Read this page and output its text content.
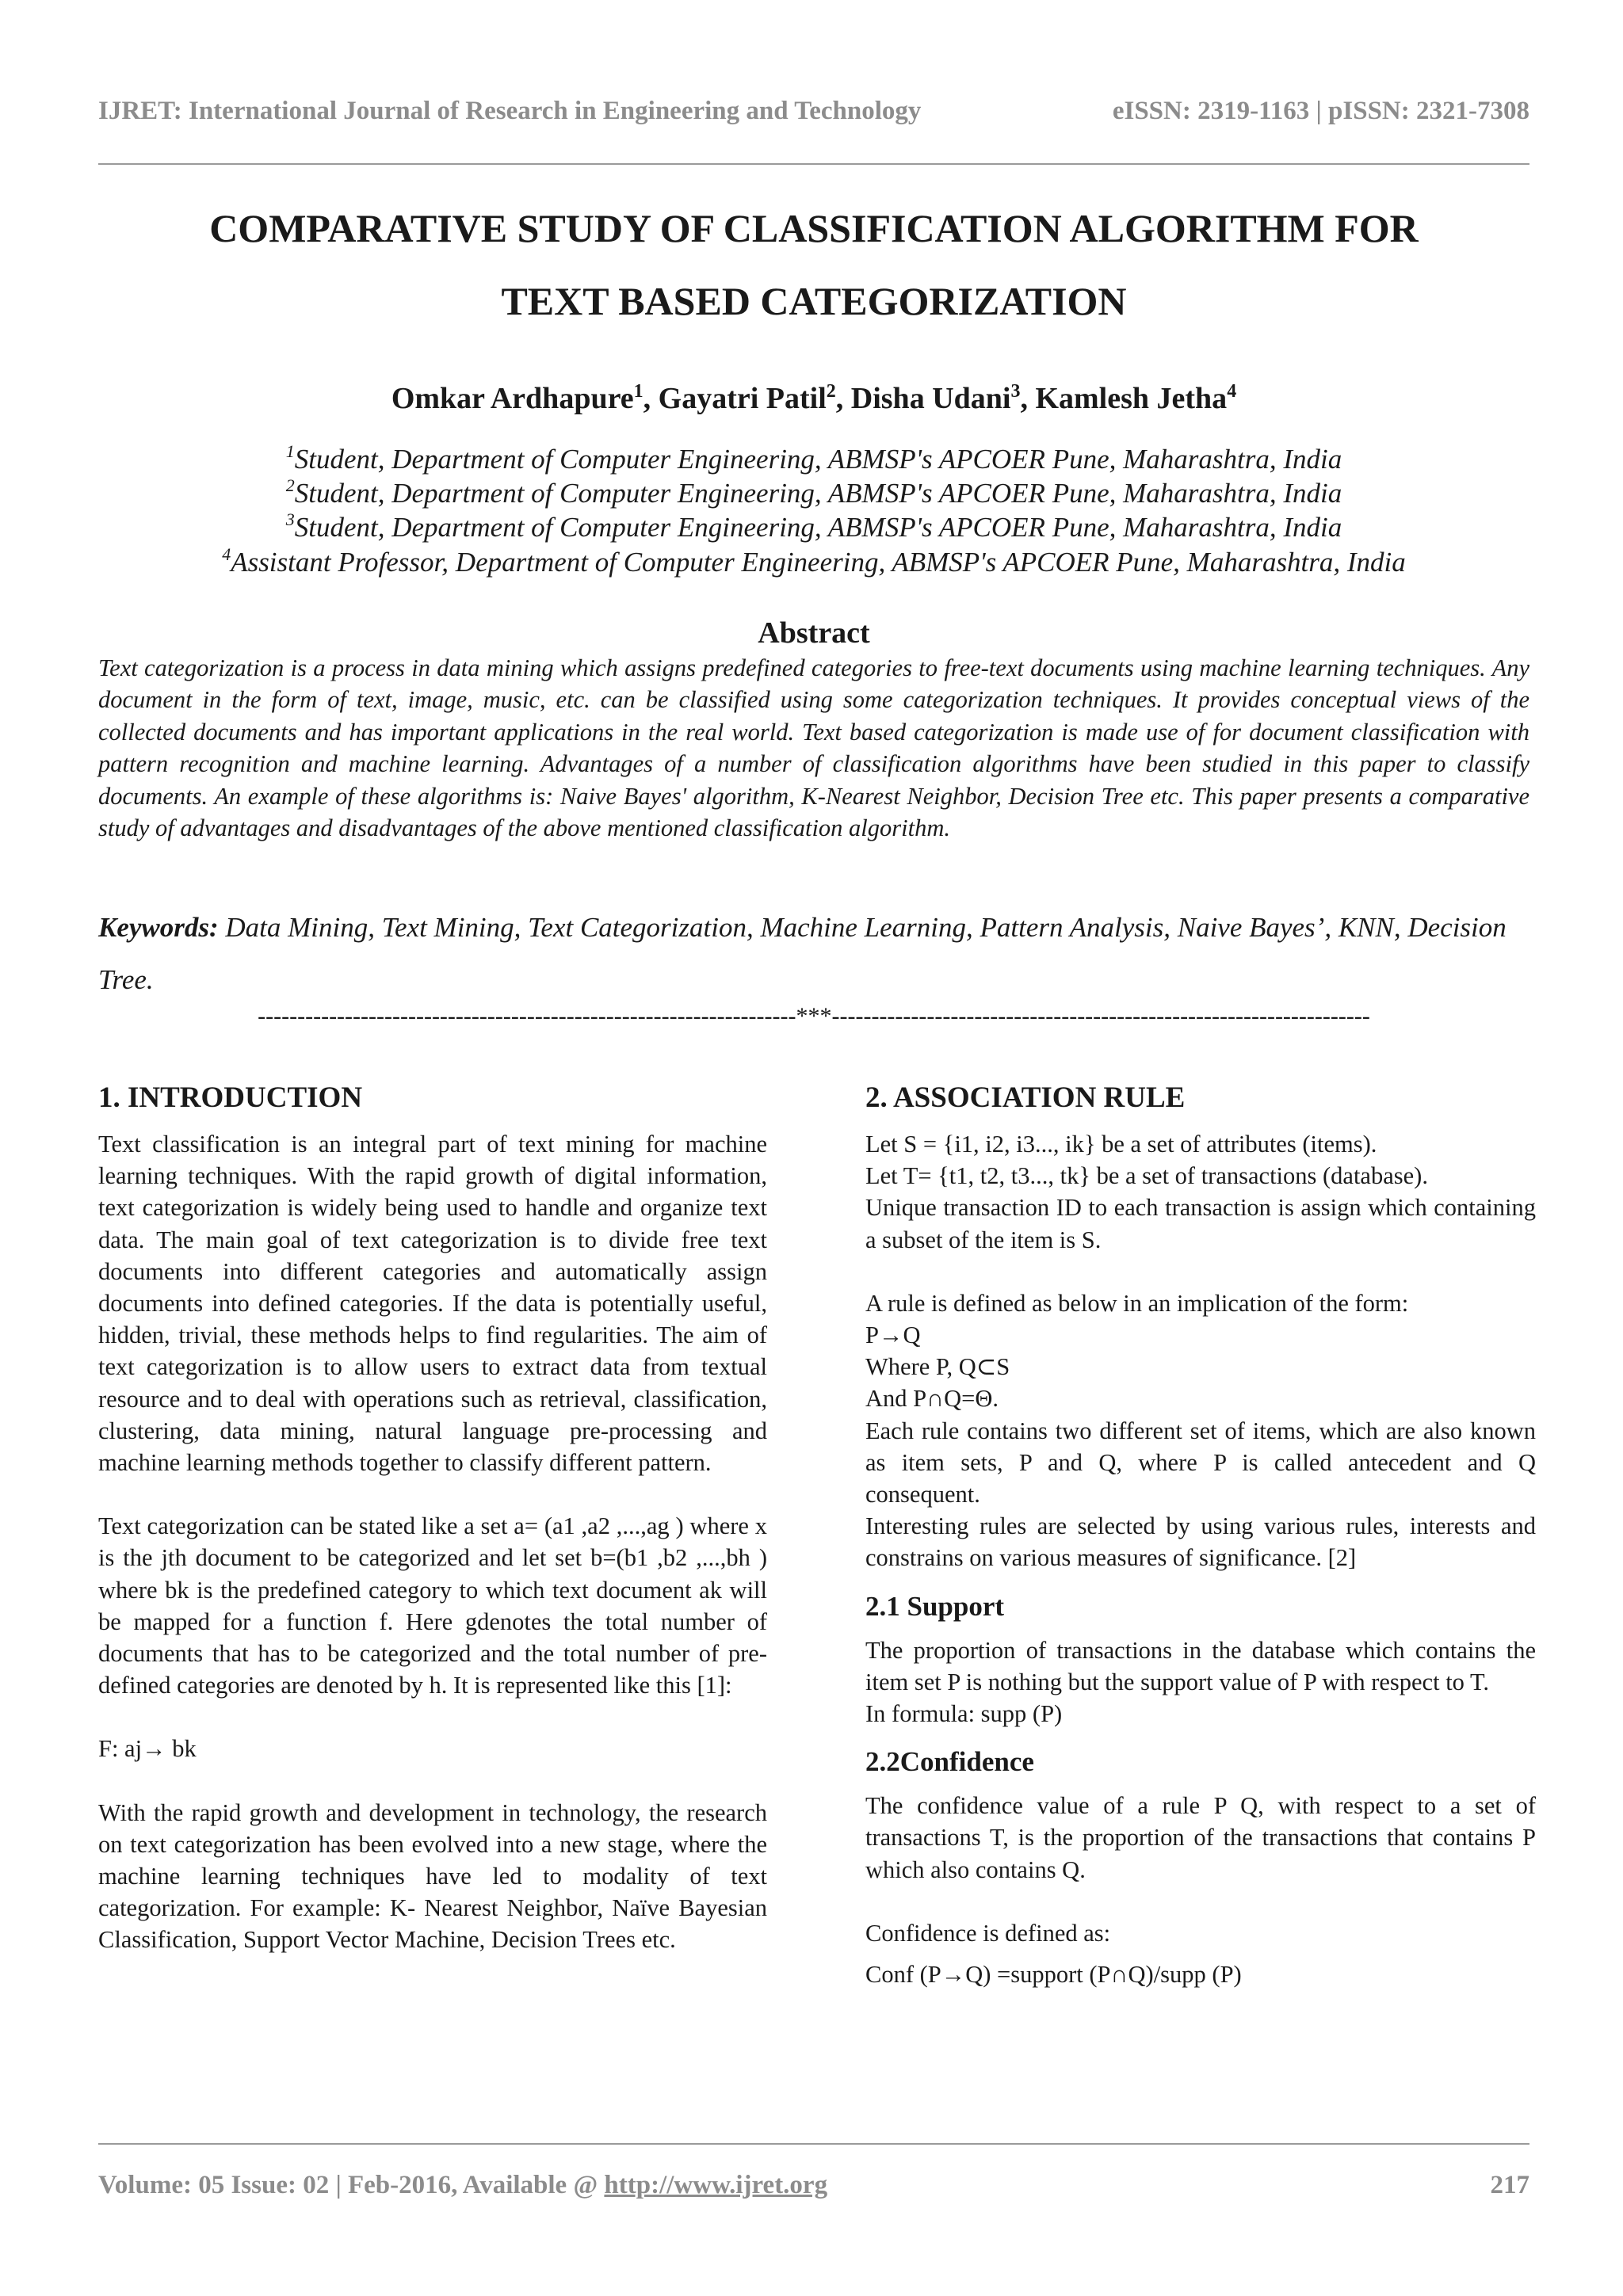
IJRET: International Journal of Research in Engineering and Technology	eISSN: 2319-1163 | pISSN: 2321-7308
COMPARATIVE STUDY OF CLASSIFICATION ALGORITHM FOR
TEXT BASED CATEGORIZATION
Omkar Ardhapure$^1$, Gayatri Patil$^2$, Disha Udani$^3$, Kamlesh Jetha$^4$
$^1$Student, Department of Computer Engineering, ABMSP's APCOER Pune, Maharashtra, India
$^2$Student, Department of Computer Engineering, ABMSP's APCOER Pune, Maharashtra, India
$^3$Student, Department of Computer Engineering, ABMSP's APCOER Pune, Maharashtra, India
$^4$Assistant Professor, Department of Computer Engineering, ABMSP's APCOER Pune, Maharashtra, India
Abstract
Text categorization is a process in data mining which assigns predefined categories to free-text documents using machine learning techniques. Any document in the form of text, image, music, etc. can be classified using some categorization techniques. It provides conceptual views of the collected documents and has important applications in the real world. Text based categorization is made use of for document classification with pattern recognition and machine learning. Advantages of a number of classification algorithms have been studied in this paper to classify documents. An example of these algorithms is: Naive Bayes' algorithm, K-Nearest Neighbor, Decision Tree etc. This paper presents a comparative study of advantages and disadvantages of the above mentioned classification algorithm.
Keywords: Data Mining, Text Mining, Text Categorization, Machine Learning, Pattern Analysis, Naive Bayes’, KNN, Decision Tree.
--------------------------------------------------------------------***--------------------------------------------------------------------
1. INTRODUCTION

Text classification is an integral part of text mining for machine learning techniques. With the rapid growth of digital information, text categorization is widely being used to handle and organize text data. The main goal of text categorization is to divide free text documents into different categories and automatically assign documents into defined categories. If the data is potentially useful, hidden, trivial, these methods helps to find regularities. The aim of text categorization is to allow users to extract data from textual resource and to deal with operations such as retrieval, classification, clustering, data mining, natural language pre-processing and machine learning methods together to classify different pattern.

Text categorization can be stated like a set a= (a1 ,a2 ,...,ag ) where x is the jth document to be categorized and let set b=(b1 ,b2 ,...,bh ) where bk is the predefined category to which text document ak will be mapped for a function f. Here gdenotes the total number of documents that has to be categorized and the total number of pre-defined categories are denoted by h. It is represented like this [1]:

F: aj→ bk

With the rapid growth and development in technology, the research on text categorization has been evolved into a new stage, where the machine learning techniques have led to modality of text categorization. For example: K- Nearest Neighbor, Naïve Bayesian Classification, Support Vector Machine, Decision Trees etc.

2. ASSOCIATION RULE

Let S = {i1, i2, i3..., ik} be a set of attributes (items).

Let T= {t1, t2, t3..., tk} be a set of transactions (database).

Unique transaction ID to each transaction is assign which containing a subset of the item is S.

A rule is defined as below in an implication of the form:

P→Q

Where P, Q⊂S

And P∩Q=Θ.

Each rule contains two different set of items, which are also known as item sets, P and Q, where P is called antecedent and Q consequent.

Interesting rules are selected by using various rules, interests and constrains on various measures of significance. [2]

2.1 Support

The proportion of transactions in the database which contains the item set P is nothing but the support value of P with respect to T.

In formula: supp (P)

2.2Confidence

The confidence value of a rule P Q, with respect to a set of transactions T, is the proportion of the transactions that contains P which also contains Q.

Confidence is defined as:

Conf (P→Q) =support (P∩Q)/supp (P)

Volume: 05 Issue: 02 | Feb-2016, Available @ http://www.ijret.org	217
